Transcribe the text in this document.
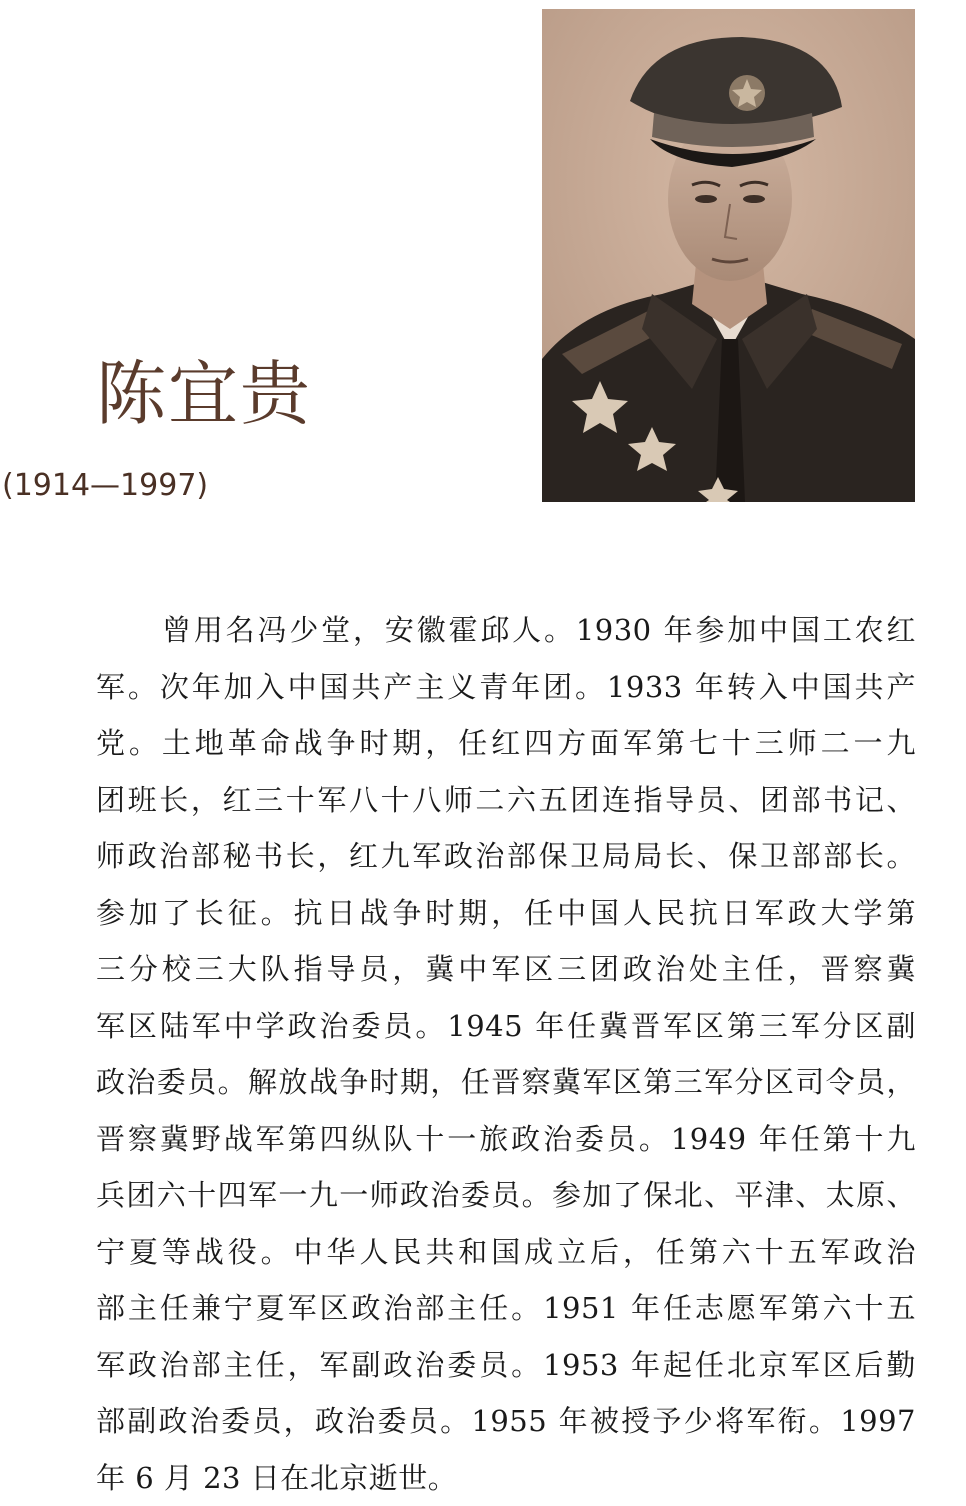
陈宜贵
(1914—1997)
曾用名冯少堂，安徽霍邱人。1930 年参加中国工农红
军。次年加入中国共产主义青年团。1933 年转入中国共产
党。土地革命战争时期，任红四方面军第七十三师二一九
团班长，红三十军八十八师二六五团连指导员、团部书记、
师政治部秘书长，红九军政治部保卫局局长、保卫部部长。
参加了长征。抗日战争时期，任中国人民抗日军政大学第
三分校三大队指导员，冀中军区三团政治处主任，晋察冀
军区陆军中学政治委员。1945 年任冀晋军区第三军分区副
政治委员。解放战争时期，任晋察冀军区第三军分区司令员，
晋察冀野战军第四纵队十一旅政治委员。1949 年任第十九
兵团六十四军一九一师政治委员。参加了保北、平津、太原、
宁夏等战役。中华人民共和国成立后，任第六十五军政治
部主任兼宁夏军区政治部主任。1951 年任志愿军第六十五
军政治部主任，军副政治委员。1953 年起任北京军区后勤
部副政治委员，政治委员。1955 年被授予少将军衔。1997
年 6 月 23 日在北京逝世。
